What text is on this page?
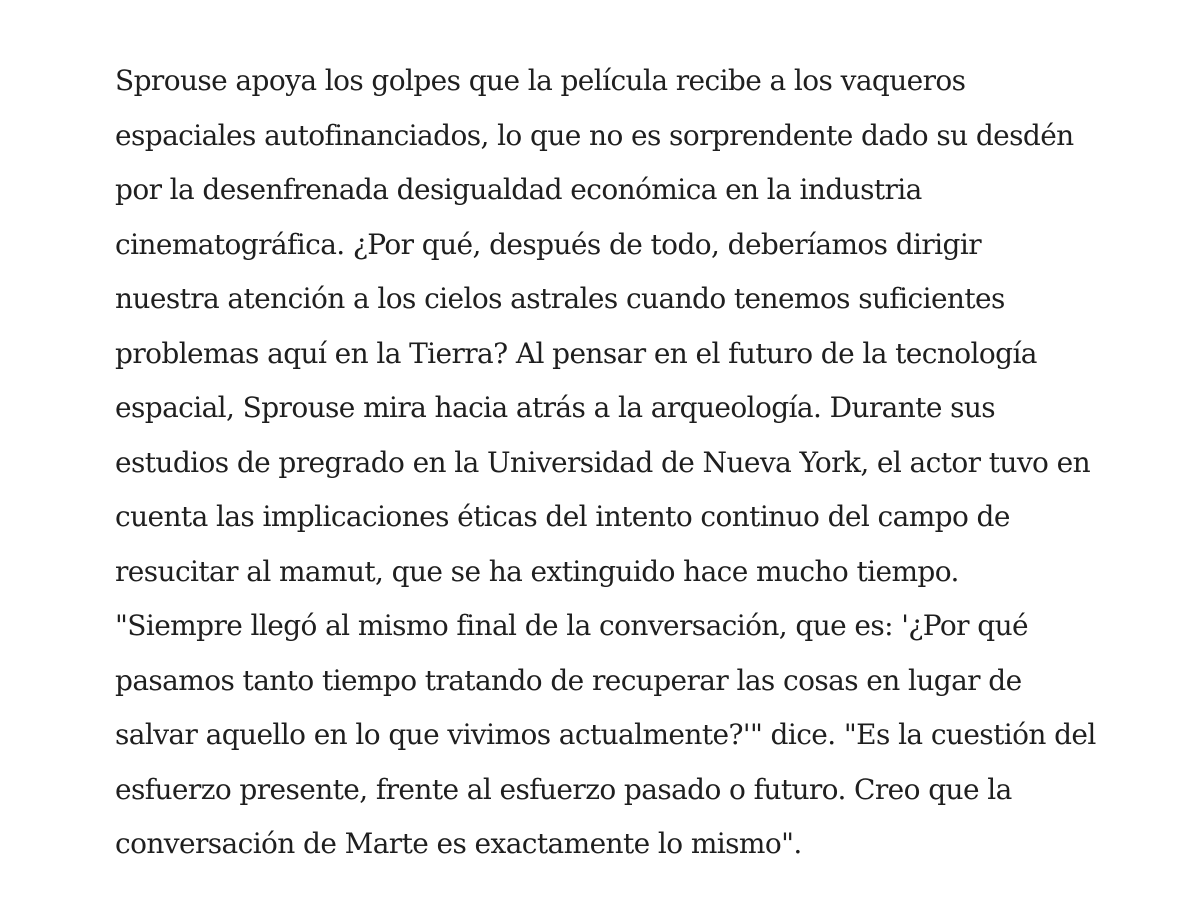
Sprouse apoya los golpes que la película recibe a los vaqueros
espaciales autofinanciados, lo que no es sorprendente dado su desdén
por la desenfrenada desigualdad económica en la industria
cinematográfica. ¿Por qué, después de todo, deberíamos dirigir
nuestra atención a los cielos astrales cuando tenemos suficientes
problemas aquí en la Tierra? Al pensar en el futuro de la tecnología
espacial, Sprouse mira hacia atrás a la arqueología. Durante sus
estudios de pregrado en la Universidad de Nueva York, el actor tuvo en
cuenta las implicaciones éticas del intento continuo del campo de
resucitar al mamut, que se ha extinguido hace mucho tiempo.
"Siempre llegó al mismo final de la conversación, que es: '¿Por qué
pasamos tanto tiempo tratando de recuperar las cosas en lugar de
salvar aquello en lo que vivimos actualmente?'" dice. "Es la cuestión del
esfuerzo presente, frente al esfuerzo pasado o futuro. Creo que la
conversación de Marte es exactamente lo mismo".
